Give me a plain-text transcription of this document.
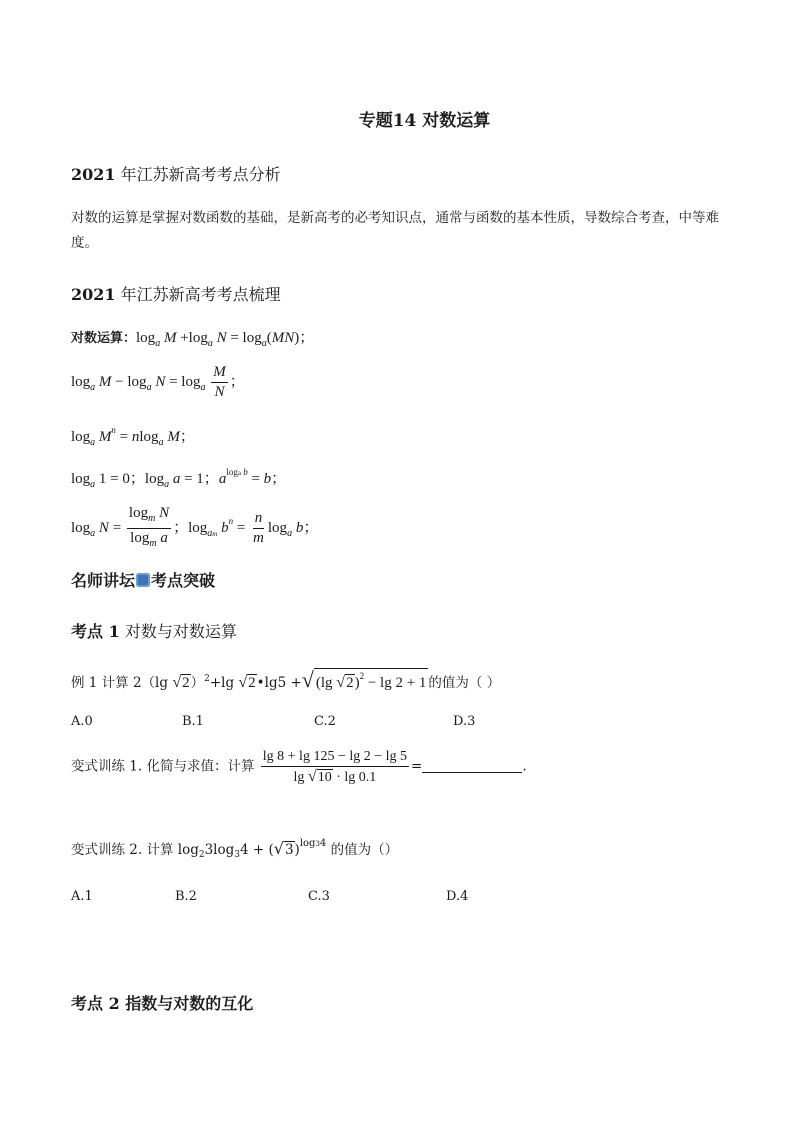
专题14 对数运算
2021 年江苏新高考考点分析
对数的运算是掌握对数函数的基础，是新高考的必考知识点，通常与函数的基本性质，导数综合考查，中等难度。
2021 年江苏新高考考点梳理
对数运算：$\log_a M +\log_a$ $N = \log_a(MN)$；
$\log_a M - \log_a N = \log_a \frac{M}{N}$ ；
$\log_a M^n = nlog_a$ M；
$\log_a 1 = 0$；$\log_a a = 1$；$a^{loga b} = b$；
$\log_a N = \frac{\log_m N}{\log_m a}$ ；$\log_{am} b^n = \frac{n}{m} \log_a b$；
名师讲坛 考点突破
考点 1 对数与对数运算
例 1 计算 2（lg √2）$^2$+lg √2•lg5 +√ (lg √2)$^2$ − lg 2 + 1 的值为（ ）
A.0	B.1	C.2	D.3
变式训练 1. 化简与求值：计算 $\frac{\lg 8 + \lg 125 - \lg 2 - \lg 5}{\lg √10 \cdot \lg 0.1}$ =	.
变式训练 2. 计算 $\log_23\log_34 + (√3)^{log34}$ 的值为（）
A.1	B.2	C.3	D.4
考点 2 指数与对数的互化
